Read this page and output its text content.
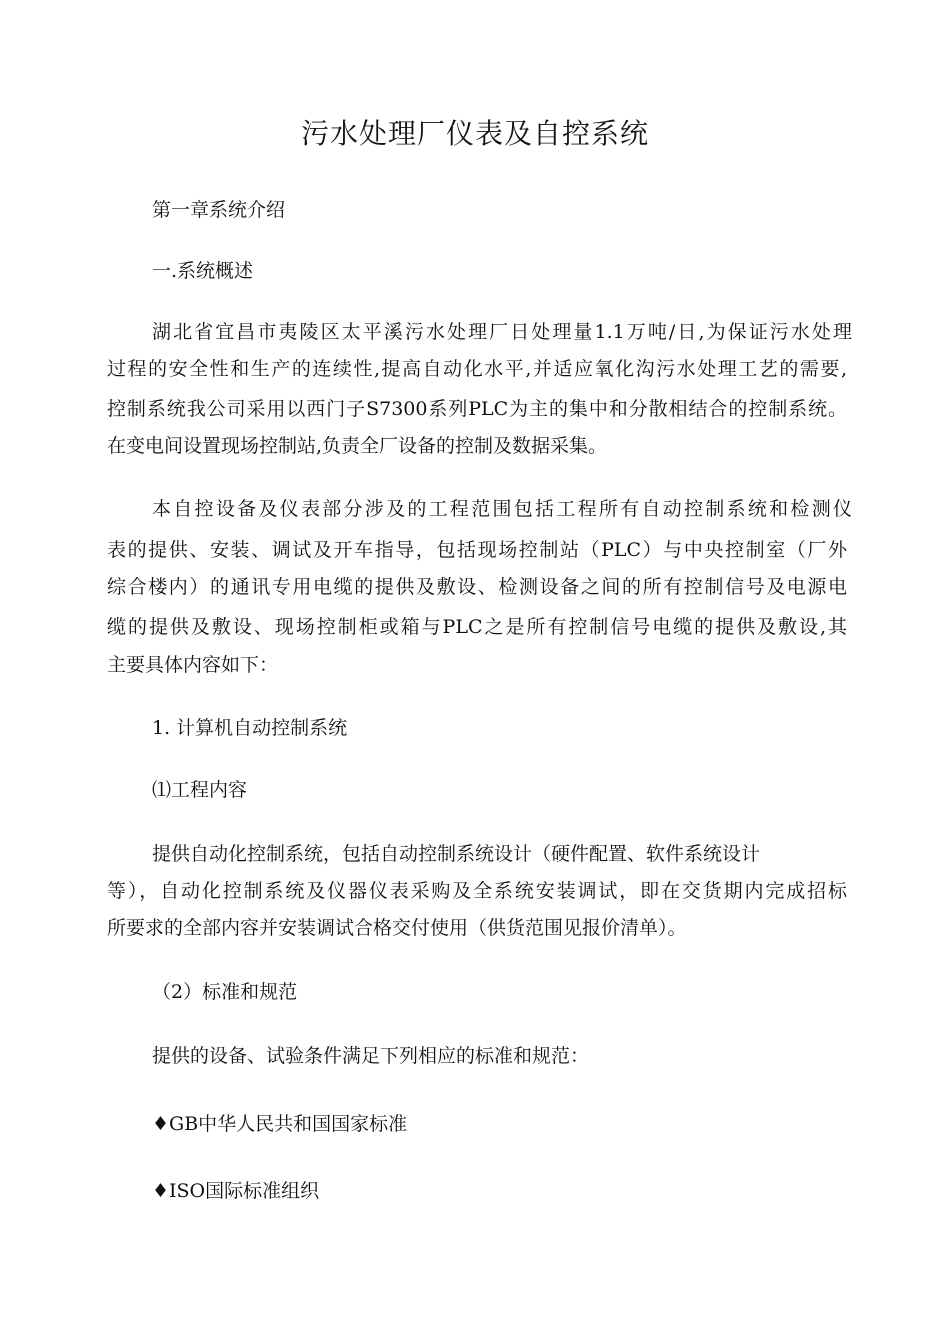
污水处理厂仪表及自控系统
第一章系统介绍
一.系统概述
湖北省宜昌市夷陵区太平溪污水处理厂日处理量1.1万吨/日,为保证污水处理
过程的安全性和生产的连续性,提高自动化水平,并适应氧化沟污水处理工艺的需要,
控制系统我公司采用以西门子S7300系列PLC为主的集中和分散相结合的控制系统。
在变电间设置现场控制站,负责全厂设备的控制及数据采集。
本自控设备及仪表部分涉及的工程范围包括工程所有自动控制系统和检测仪
表的提供、安装、调试及开车指导，包括现场控制站（PLC）与中央控制室（厂外
综合楼内）的通讯专用电缆的提供及敷设、检测设备之间的所有控制信号及电源电
缆的提供及敷设、现场控制柜或箱与PLC之是所有控制信号电缆的提供及敷设,其
主要具体内容如下：
1. 计算机自动控制系统
⑴工程内容
提供自动化控制系统，包括自动控制系统设计（硬件配置、软件系统设计
等），自动化控制系统及仪器仪表采购及全系统安装调试，即在交货期内完成招标
所要求的全部内容并安装调试合格交付使用（供货范围见报价清单）。
（2）标准和规范
提供的设备、试验条件满足下列相应的标准和规范：
♦GB中华人民共和国国家标准
♦ISO国际标准组织
